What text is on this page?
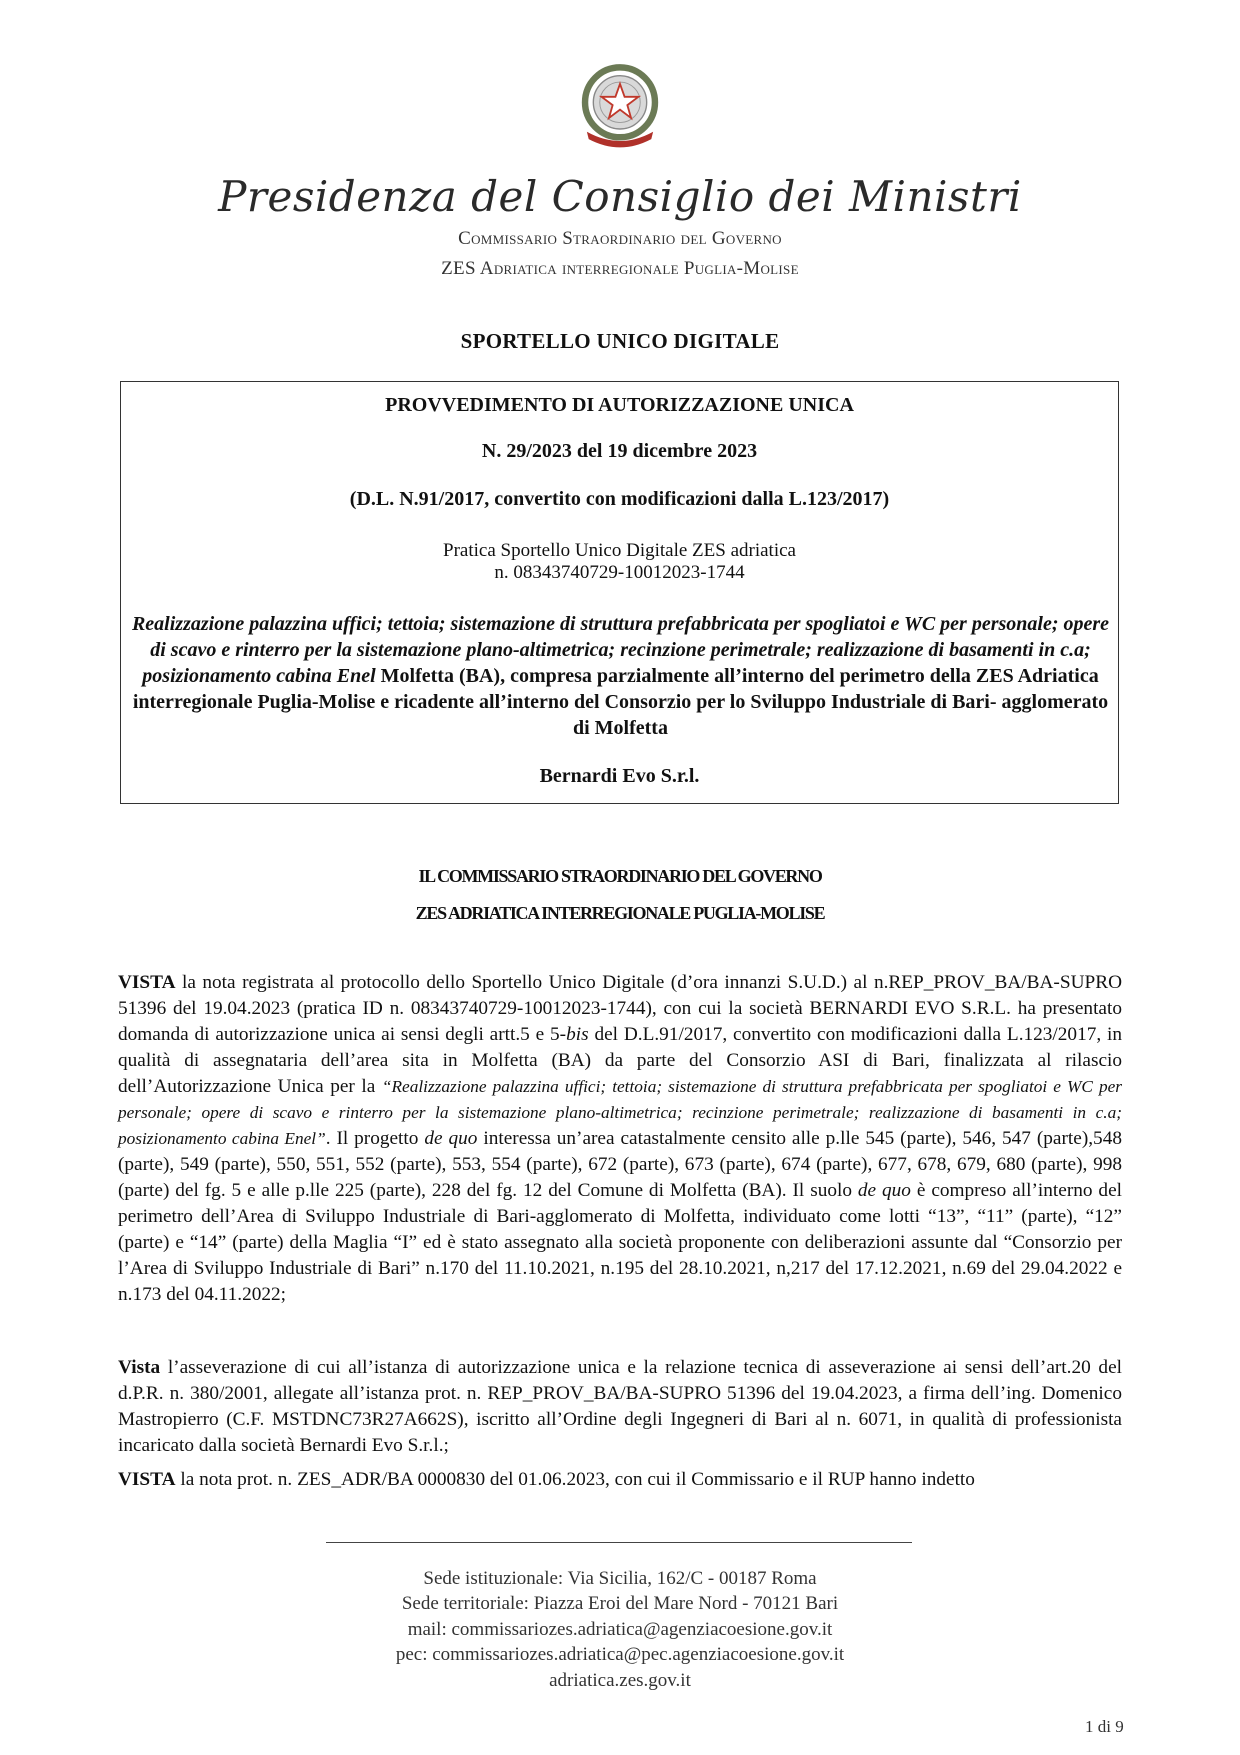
Presidenza del Consiglio dei Ministri
Commissario Straordinario del Governo
ZES Adriatica interregionale Puglia-Molise
SPORTELLO UNICO DIGITALE
PROVVEDIMENTO DI AUTORIZZAZIONE UNICA
N. 29/2023 del 19 dicembre 2023
(D.L. N.91/2017, convertito con modificazioni dalla L.123/2017)
Pratica Sportello Unico Digitale ZES adriatica
n. 08343740729-10012023-1744
Realizzazione palazzina uffici; tettoia; sistemazione di struttura prefabbricata per spogliatoi e WC per personale; opere di scavo e rinterro per la sistemazione plano-altimetrica; recinzione perimetrale; realizzazione di basamenti in c.a; posizionamento cabina Enel Molfetta (BA), compresa parzialmente all’interno del perimetro della ZES Adriatica interregionale Puglia-Molise e ricadente all’interno del Consorzio per lo Sviluppo Industriale di Bari- agglomerato di Molfetta
Bernardi Evo S.r.l.
IL COMMISSARIO STRAORDINARIO DEL GOVERNO
ZES ADRIATICA INTERREGIONALE PUGLIA-MOLISE
VISTA la nota registrata al protocollo dello Sportello Unico Digitale (d’ora innanzi S.U.D.) al n.REP_PROV_BA/BA-SUPRO 51396 del 19.04.2023 (pratica ID n. 08343740729-10012023-1744), con cui la società BERNARDI EVO S.R.L. ha presentato domanda di autorizzazione unica ai sensi degli artt.5 e 5-bis del D.L.91/2017, convertito con modificazioni dalla L.123/2017, in qualità di assegnataria dell’area sita in Molfetta (BA) da parte del Consorzio ASI di Bari, finalizzata al rilascio dell’Autorizzazione Unica per la “Realizzazione palazzina uffici; tettoia; sistemazione di struttura prefabbricata per spogliatoi e WC per personale; opere di scavo e rinterro per la sistemazione plano-altimetrica; recinzione perimetrale; realizzazione di basamenti in c.a; posizionamento cabina Enel”. Il progetto de quo interessa un’area catastalmente censito alle p.lle 545 (parte), 546, 547 (parte),548 (parte), 549 (parte), 550, 551, 552 (parte), 553, 554 (parte), 672 (parte), 673 (parte), 674 (parte), 677, 678, 679, 680 (parte), 998 (parte) del fg. 5 e alle p.lle 225 (parte), 228 del fg. 12 del Comune di Molfetta (BA). Il suolo de quo è compreso all’interno del perimetro dell’Area di Sviluppo Industriale di Bari-agglomerato di Molfetta, individuato come lotti “13”, “11” (parte), “12” (parte) e “14” (parte) della Maglia “I” ed è stato assegnato alla società proponente con deliberazioni assunte dal “Consorzio per l’Area di Sviluppo Industriale di Bari” n.170 del 11.10.2021, n.195 del 28.10.2021, n,217 del 17.12.2021, n.69 del 29.04.2022 e n.173 del 04.11.2022;
Vista l’asseverazione di cui all’istanza di autorizzazione unica e la relazione tecnica di asseverazione ai sensi dell’art.20 del d.P.R. n. 380/2001, allegate all’istanza prot. n. REP_PROV_BA/BA-SUPRO 51396 del 19.04.2023, a firma dell’ing. Domenico Mastropierro (C.F. MSTDNC73R27A662S), iscritto all’Ordine degli Ingegneri di Bari al n. 6071, in qualità di professionista incaricato dalla società Bernardi Evo S.r.l.;
VISTA la nota prot. n. ZES_ADR/BA 0000830 del 01.06.2023, con cui il Commissario e il RUP hanno indetto
Sede istituzionale: Via Sicilia, 162/C - 00187 Roma
Sede territoriale: Piazza Eroi del Mare Nord - 70121 Bari
mail: commissariozes.adriatica@agenziacoesione.gov.it
pec: commissariozes.adriatica@pec.agenziacoesione.gov.it
adriatica.zes.gov.it
1 di 9
